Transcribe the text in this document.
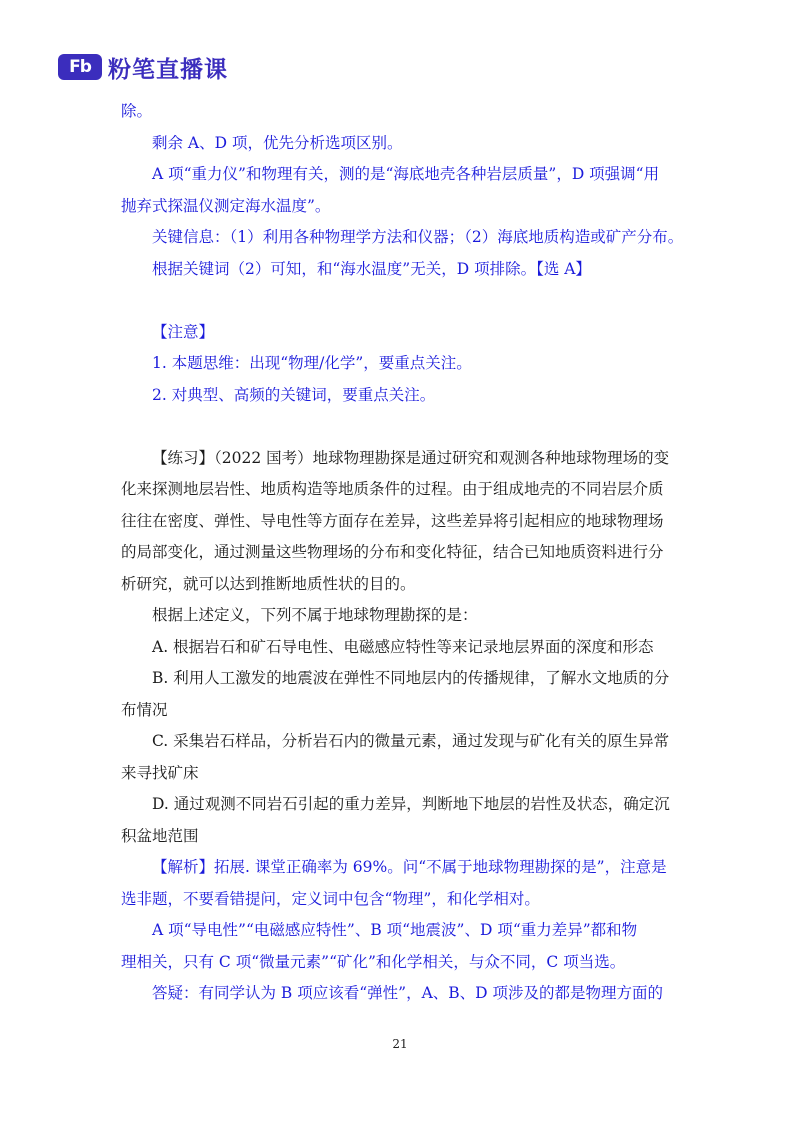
Fb 粉笔直播课
除。
剩余 A、D 项，优先分析选项区别。
A 项“重力仪”和物理有关，测的是“海底地壳各种岩层质量”，D 项强调“用
抛弃式探温仪测定海水温度”。
关键信息：（1）利用各种物理学方法和仪器；（2）海底地质构造或矿产分布。
根据关键词（2）可知，和“海水温度”无关，D 项排除。【选 A】
【注意】
1. 本题思维：出现“物理/化学”，要重点关注。
2. 对典型、高频的关键词，要重点关注。
【练习】（2022 国考）地球物理勘探是通过研究和观测各种地球物理场的变
化来探测地层岩性、地质构造等地质条件的过程。由于组成地壳的不同岩层介质
往往在密度、弹性、导电性等方面存在差异，这些差异将引起相应的地球物理场
的局部变化，通过测量这些物理场的分布和变化特征，结合已知地质资料进行分
析研究，就可以达到推断地质性状的目的。
根据上述定义，下列不属于地球物理勘探的是：
A. 根据岩石和矿石导电性、电磁感应特性等来记录地层界面的深度和形态
B. 利用人工激发的地震波在弹性不同地层内的传播规律，了解水文地质的分
布情况
C. 采集岩石样品，分析岩石内的微量元素，通过发现与矿化有关的原生异常
来寻找矿床
D. 通过观测不同岩石引起的重力差异，判断地下地层的岩性及状态，确定沉
积盆地范围
【解析】拓展. 课堂正确率为 69%。问“不属于地球物理勘探的是”，注意是
选非题，不要看错提问，定义词中包含“物理”，和化学相对。
A 项“导电性”“电磁感应特性”、B 项“地震波”、D 项“重力差异”都和物
理相关，只有 C 项“微量元素”“矿化”和化学相关，与众不同，C 项当选。
答疑：有同学认为 B 项应该看“弹性”，A、B、D 项涉及的都是物理方面的
21
